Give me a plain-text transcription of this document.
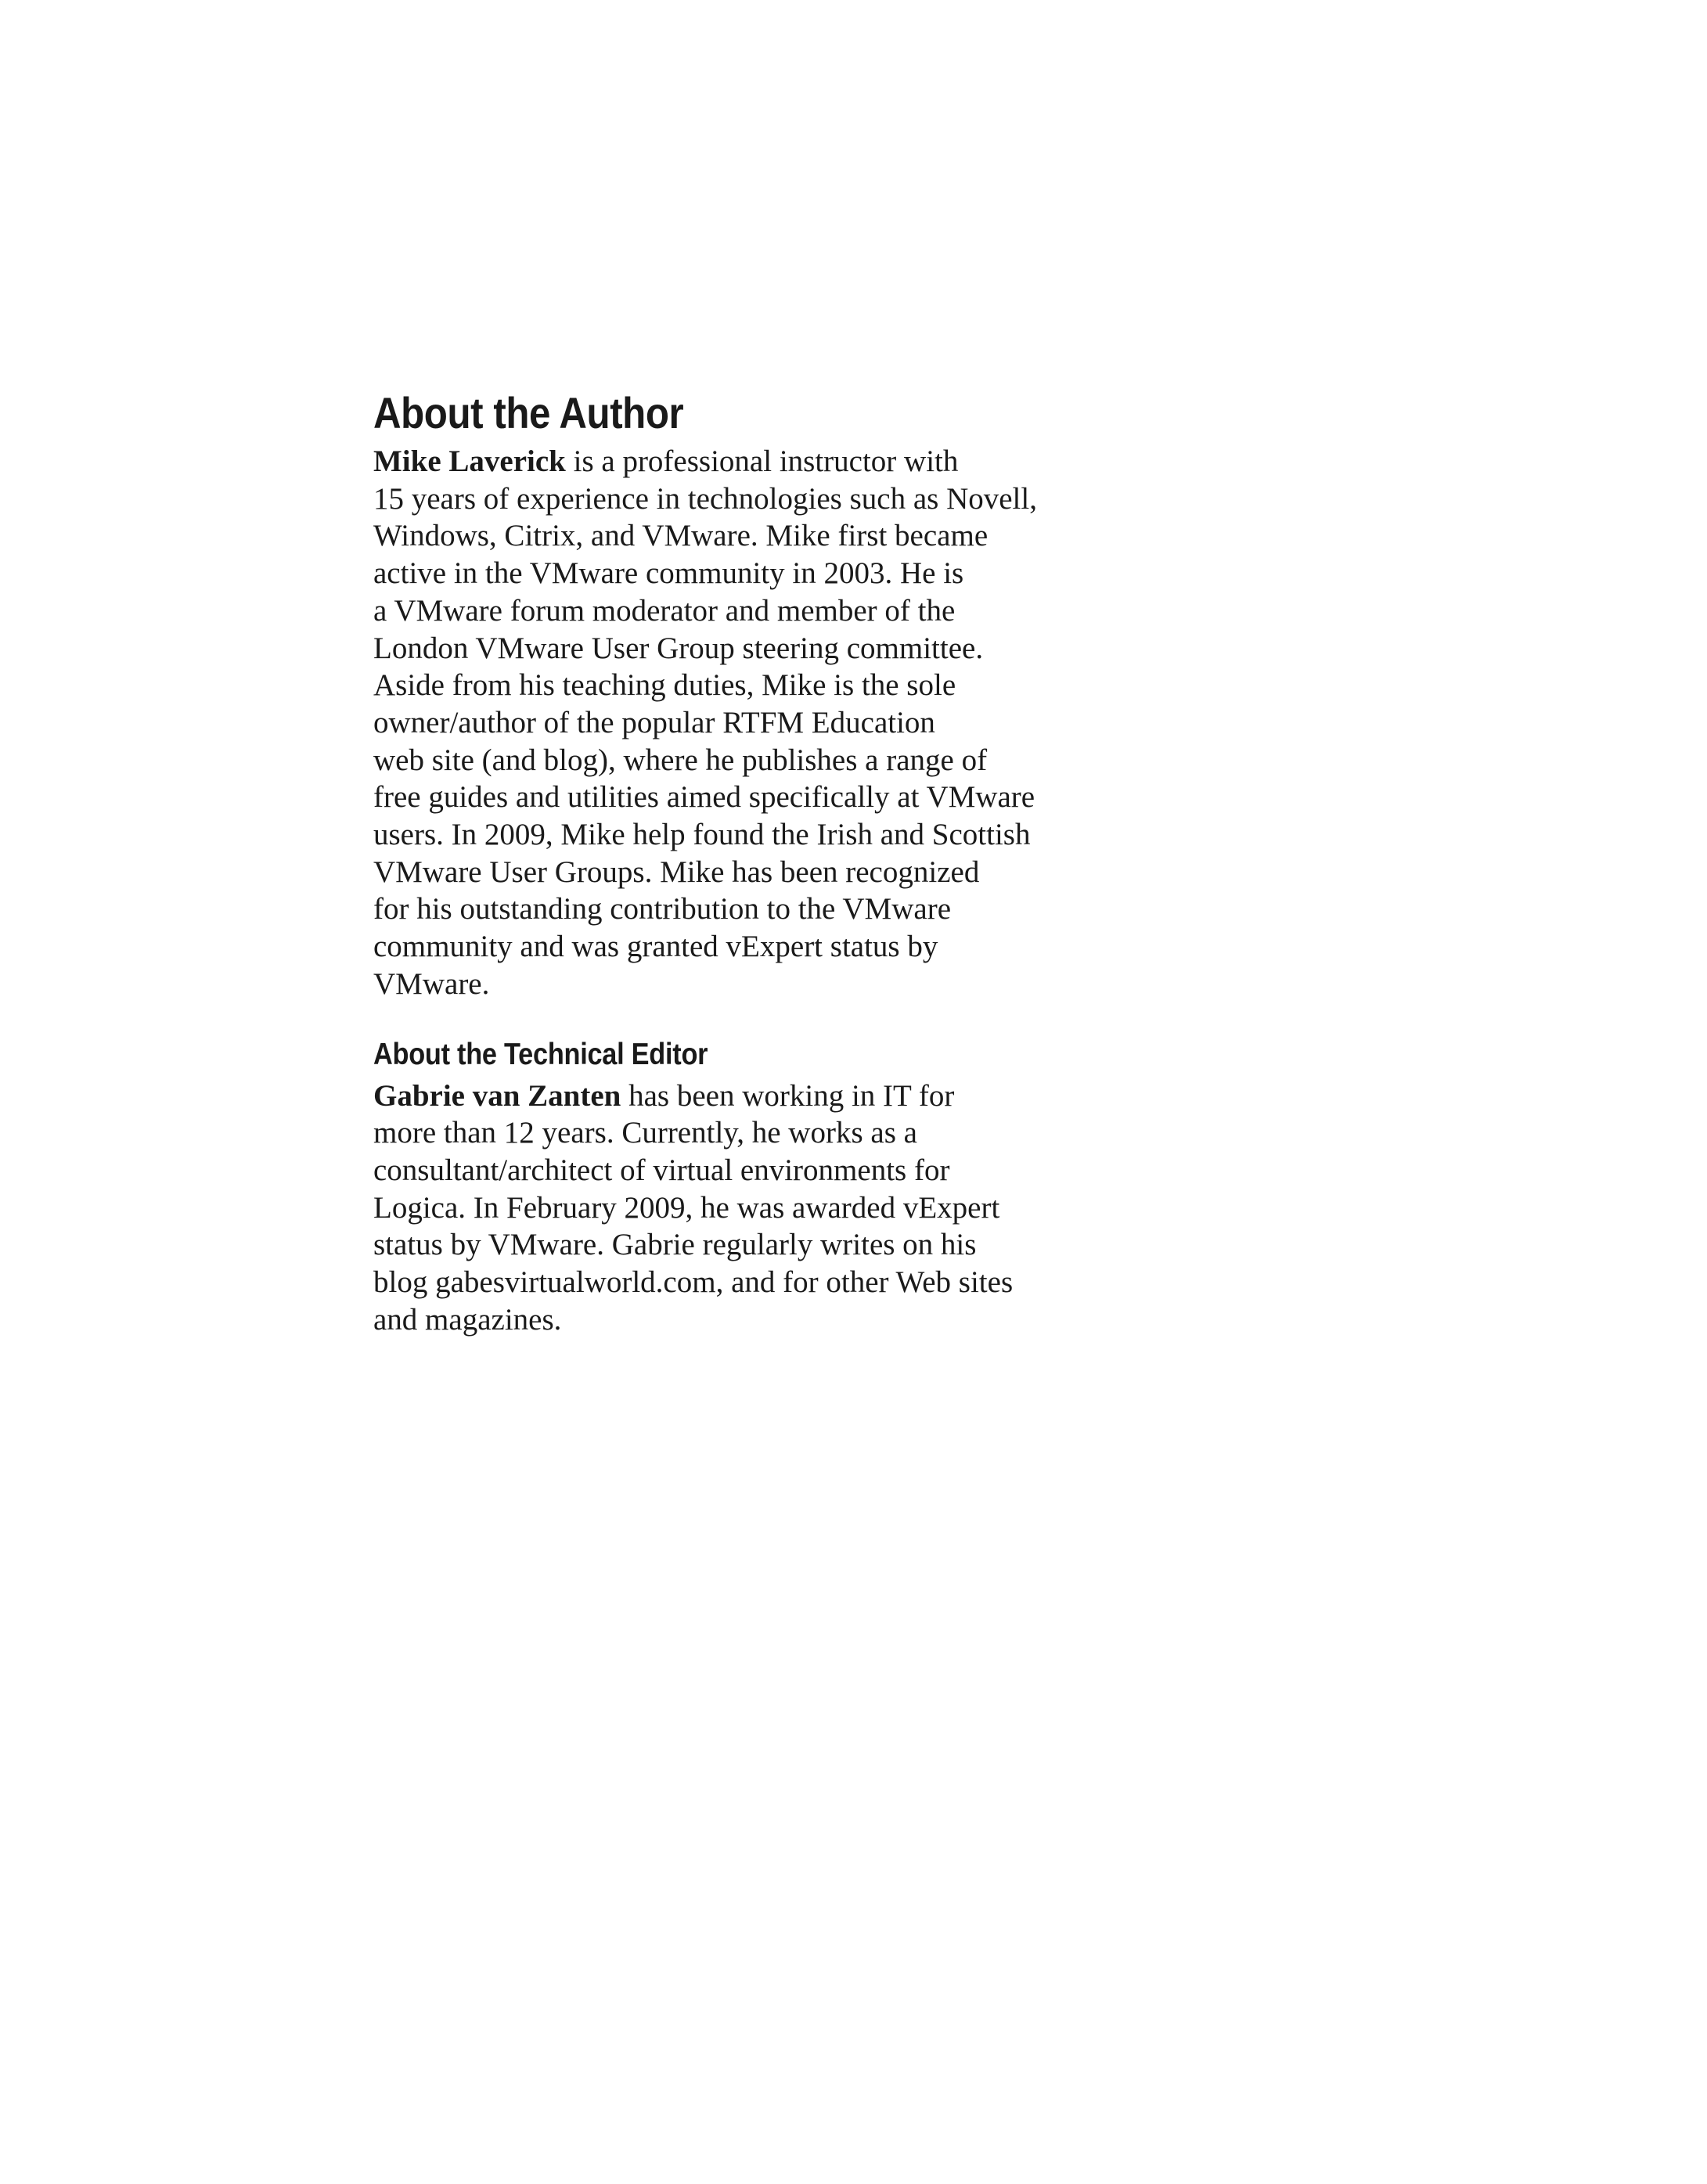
About the Author

Mike Laverick is a professional instructor with
15 years of experience in technologies such as Novell,
Windows, Citrix, and VMware. Mike first became
active in the VMware community in 2003. He is
a VMware forum moderator and member of the
London VMware User Group steering committee.
Aside from his teaching duties, Mike is the sole
owner/author of the popular RTFM Education
web site (and blog), where he publishes a range of
free guides and utilities aimed specifically at VMware
users. In 2009, Mike help found the Irish and Scottish
VMware User Groups. Mike has been recognized
for his outstanding contribution to the VMware
community and was granted vExpert status by
VMware.

About the Technical Editor

Gabrie van Zanten has been working in IT for
more than 12 years. Currently, he works as a
consultant/architect of virtual environments for
Logica. In February 2009, he was awarded vExpert
status by VMware. Gabrie regularly writes on his
blog gabesvirtualworld.com, and for other Web sites
and magazines.
